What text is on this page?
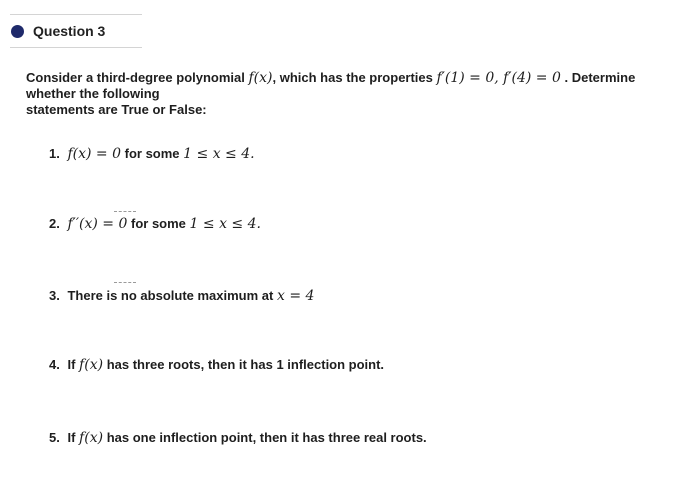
Question 3
Consider a third-degree polynomial f(x), which has the properties f′(1) = 0, f′(4) = 0 . Determine
whether the following
statements are True or False:
1. f(x) = 0 for some 1 ≤ x ≤ 4.
2. f′′(x) = 0 for some 1 ≤ x ≤ 4.
3. There is no absolute maximum at x = 4
4. If f(x) has three roots, then it has 1 inflection point.
5. If f(x) has one inflection point, then it has three real roots.
